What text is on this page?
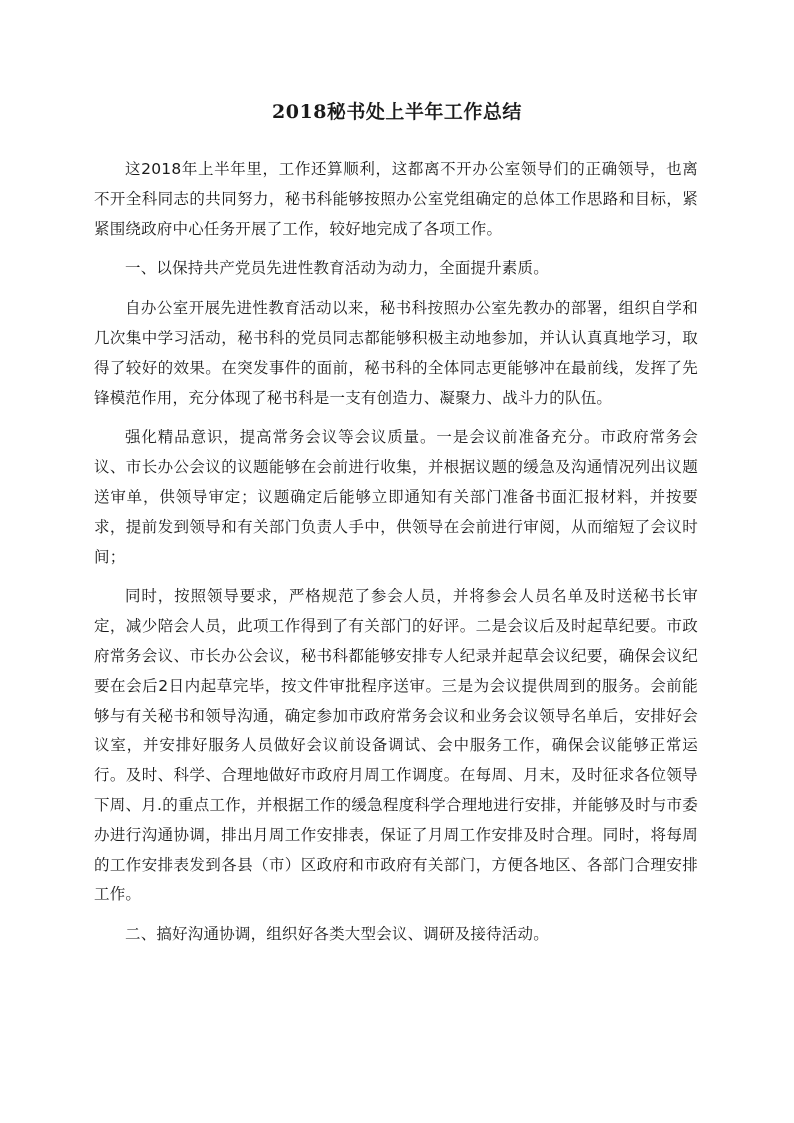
2018秘书处上半年工作总结

这2018年上半年里，工作还算顺利，这都离不开办公室领导们的正确领导，也离不开全科同志的共同努力，秘书科能够按照办公室党组确定的总体工作思路和目标，紧紧围绕政府中心任务开展了工作，较好地完成了各项工作。

一、以保持共产党员先进性教育活动为动力，全面提升素质。

自办公室开展先进性教育活动以来，秘书科按照办公室先教办的部署，组织自学和几次集中学习活动，秘书科的党员同志都能够积极主动地参加，并认认真真地学习，取得了较好的效果。在突发事件的面前，秘书科的全体同志更能够冲在最前线，发挥了先锋模范作用，充分体现了秘书科是一支有创造力、凝聚力、战斗力的队伍。

强化精品意识，提高常务会议等会议质量。一是会议前准备充分。市政府常务会议、市长办公会议的议题能够在会前进行收集，并根据议题的缓急及沟通情况列出议题送审单，供领导审定；议题确定后能够立即通知有关部门准备书面汇报材料，并按要求，提前发到领导和有关部门负责人手中，供领导在会前进行审阅，从而缩短了会议时间；

同时，按照领导要求，严格规范了参会人员，并将参会人员名单及时送秘书长审定，减少陪会人员，此项工作得到了有关部门的好评。二是会议后及时起草纪要。市政府常务会议、市长办公会议，秘书科都能够安排专人纪录并起草会议纪要，确保会议纪要在会后2日内起草完毕，按文件审批程序送审。三是为会议提供周到的服务。会前能够与有关秘书和领导沟通，确定参加市政府常务会议和业务会议领导名单后，安排好会议室，并安排好服务人员做好会议前设备调试、会中服务工作，确保会议能够正常运行。及时、科学、合理地做好市政府月周工作调度。在每周、月末，及时征求各位领导下周、月.的重点工作，并根据工作的缓急程度科学合理地进行安排，并能够及时与市委办进行沟通协调，排出月周工作安排表，保证了月周工作安排及时合理。同时，将每周的工作安排表发到各县（市）区政府和市政府有关部门，方便各地区、各部门合理安排工作。

二、搞好沟通协调，组织好各类大型会议、调研及接待活动。
